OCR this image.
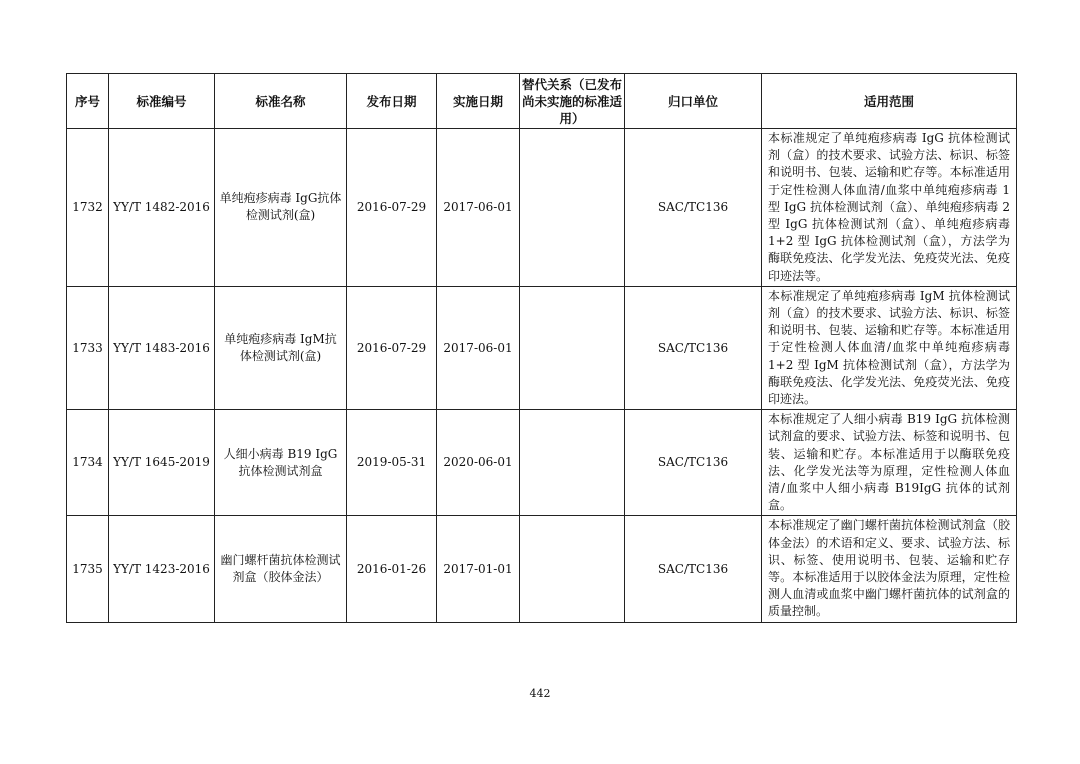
序号	标准编号	标准名称	发布日期	实施日期	替代关系（已发布尚未实施的标准适用）	归口单位	适用范围
1732	YY/T 1482-2016	单纯疱疹病毒 IgG抗体检测试剂(盒)	2016-07-29	2017-06-01		SAC/TC136	本标准规定了单纯疱疹病毒 IgG 抗体检测试剂（盒）的技术要求、试验方法、标识、标签和说明书、包装、运输和贮存等。本标准适用于定性检测人体血清/血浆中单纯疱疹病毒 1 型 IgG 抗体检测试剂（盒）、单纯疱疹病毒 2 型 IgG 抗体检测试剂（盒）、单纯疱疹病毒 1+2 型 IgG 抗体检测试剂（盒），方法学为酶联免疫法、化学发光法、免疫荧光法、免疫印迹法等。
1733	YY/T 1483-2016	单纯疱疹病毒 IgM抗体检测试剂(盒)	2016-07-29	2017-06-01		SAC/TC136	本标准规定了单纯疱疹病毒 IgM 抗体检测试剂（盒）的技术要求、试验方法、标识、标签和说明书、包装、运输和贮存等。本标准适用于定性检测人体血清/血浆中单纯疱疹病毒 1+2 型 IgM 抗体检测试剂（盒），方法学为酶联免疫法、化学发光法、免疫荧光法、免疫印迹法。
1734	YY/T 1645-2019	人细小病毒 B19 IgG 抗体检测试剂盒	2019-05-31	2020-06-01		SAC/TC136	本标准规定了人细小病毒 B19 IgG 抗体检测试剂盒的要求、试验方法、标签和说明书、包装、运输和贮存。本标准适用于以酶联免疫法、化学发光法等为原理，定性检测人体血清/血浆中人细小病毒 B19IgG 抗体的试剂盒。
1735	YY/T 1423-2016	幽门螺杆菌抗体检测试剂盒（胶体金法）	2016-01-26	2017-01-01		SAC/TC136	本标准规定了幽门螺杆菌抗体检测试剂盒（胶体金法）的术语和定义、要求、试验方法、标识、标签、使用说明书、包装、运输和贮存等。本标准适用于以胶体金法为原理，定性检测人血清或血浆中幽门螺杆菌抗体的试剂盒的质量控制。
442
